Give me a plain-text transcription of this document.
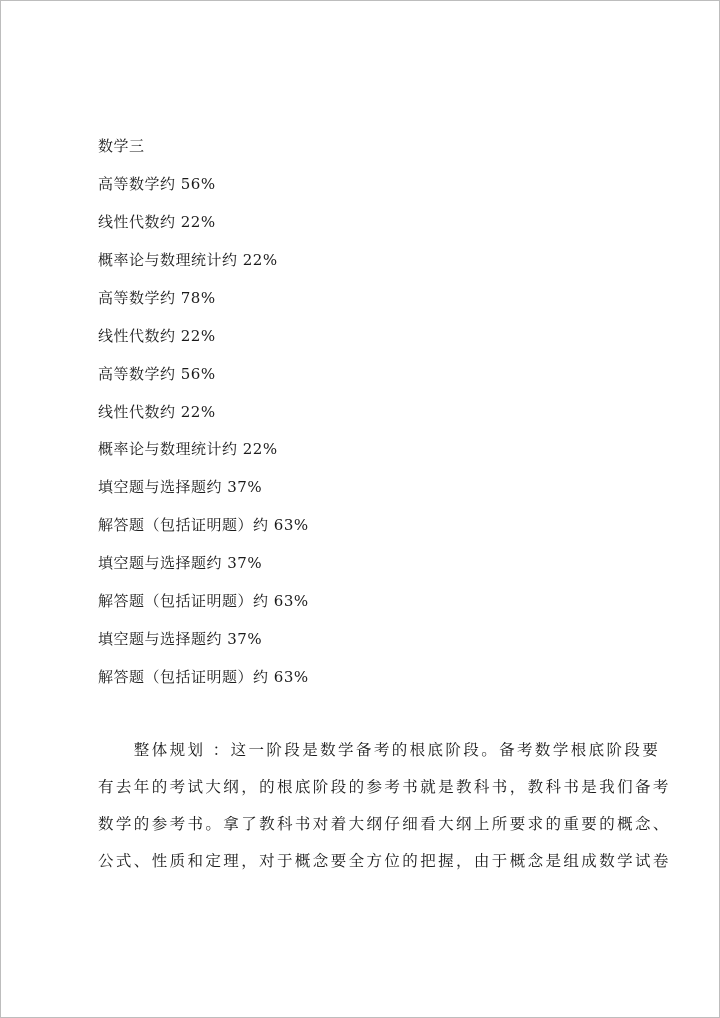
数学三
高等数学约 56%
线性代数约 22%
概率论与数理统计约 22%
高等数学约 78%
线性代数约 22%
高等数学约 56%
线性代数约 22%
概率论与数理统计约 22%
填空题与选择题约 37%
解答题（包括证明题）约 63%
填空题与选择题约 37%
解答题（包括证明题）约 63%
填空题与选择题约 37%
解答题（包括证明题）约 63%
　　整体规划 ：这一阶段是数学备考的根底阶段。备考数学根底阶段要
有去年的考试大纲，的根底阶段的参考书就是教科书，教科书是我们备考
数学的参考书。拿了教科书对着大纲仔细看大纲上所要求的重要的概念、
公式、性质和定理，对于概念要全方位的把握，由于概念是组成数学试卷
